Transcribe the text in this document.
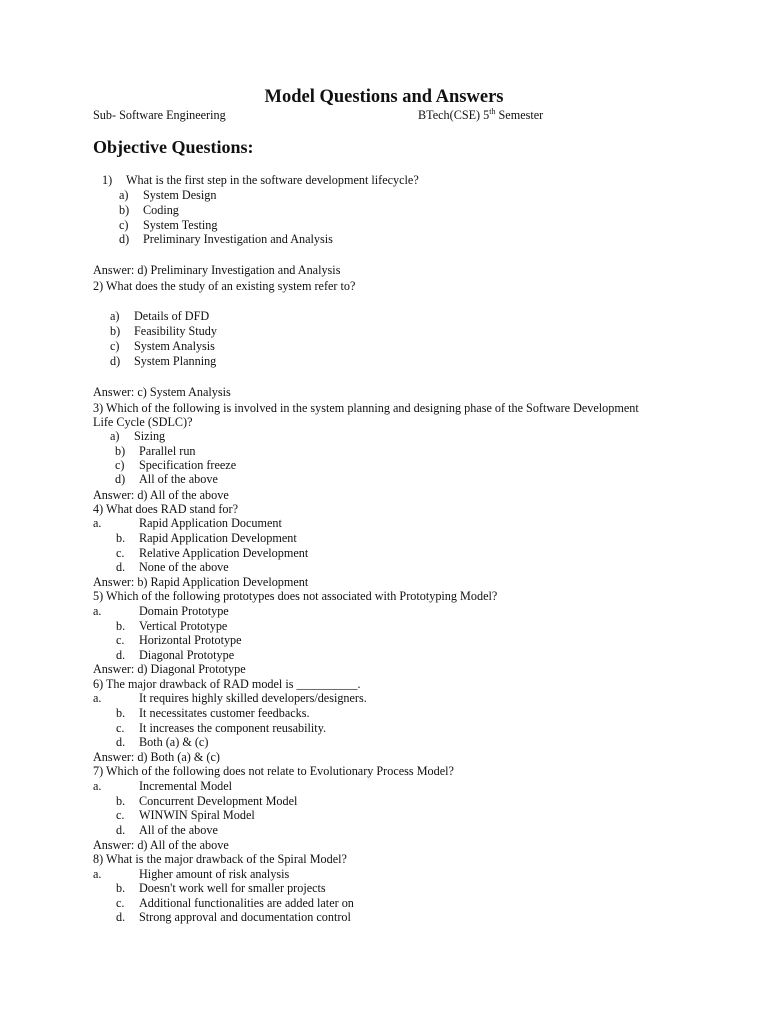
Model Questions and Answers
Sub- Software Engineering	BTech(CSE) 5th Semester
Objective Questions:
1) What is the first step in the software development lifecycle?
a) System Design
b) Coding
c) System Testing
d) Preliminary Investigation and Analysis
Answer: d) Preliminary Investigation and Analysis
2) What does the study of an existing system refer to?
a) Details of DFD
b) Feasibility Study
c) System Analysis
d) System Planning
Answer: c) System Analysis
3) Which of the following is involved in the system planning and designing phase of the Software Development
Life Cycle (SDLC)?
a) Sizing
b) Parallel run
c) Specification freeze
d) All of the above
Answer: d) All of the above
4) What does RAD stand for?
a.	Rapid Application Document
b. Rapid Application Development
c. Relative Application Development
d. None of the above
Answer: b) Rapid Application Development
5) Which of the following prototypes does not associated with Prototyping Model?
a.	Domain Prototype
b. Vertical Prototype
c. Horizontal Prototype
d. Diagonal Prototype
Answer: d) Diagonal Prototype
6) The major drawback of RAD model is __________.
a.	It requires highly skilled developers/designers.
b. It necessitates customer feedbacks.
c. It increases the component reusability.
d. Both (a) & (c)
Answer: d) Both (a) & (c)
7) Which of the following does not relate to Evolutionary Process Model?
a.	Incremental Model
b. Concurrent Development Model
c. WINWIN Spiral Model
d. All of the above
Answer: d) All of the above
8) What is the major drawback of the Spiral Model?
a.	Higher amount of risk analysis
b. Doesn't work well for smaller projects
c. Additional functionalities are added later on
d. Strong approval and documentation control
